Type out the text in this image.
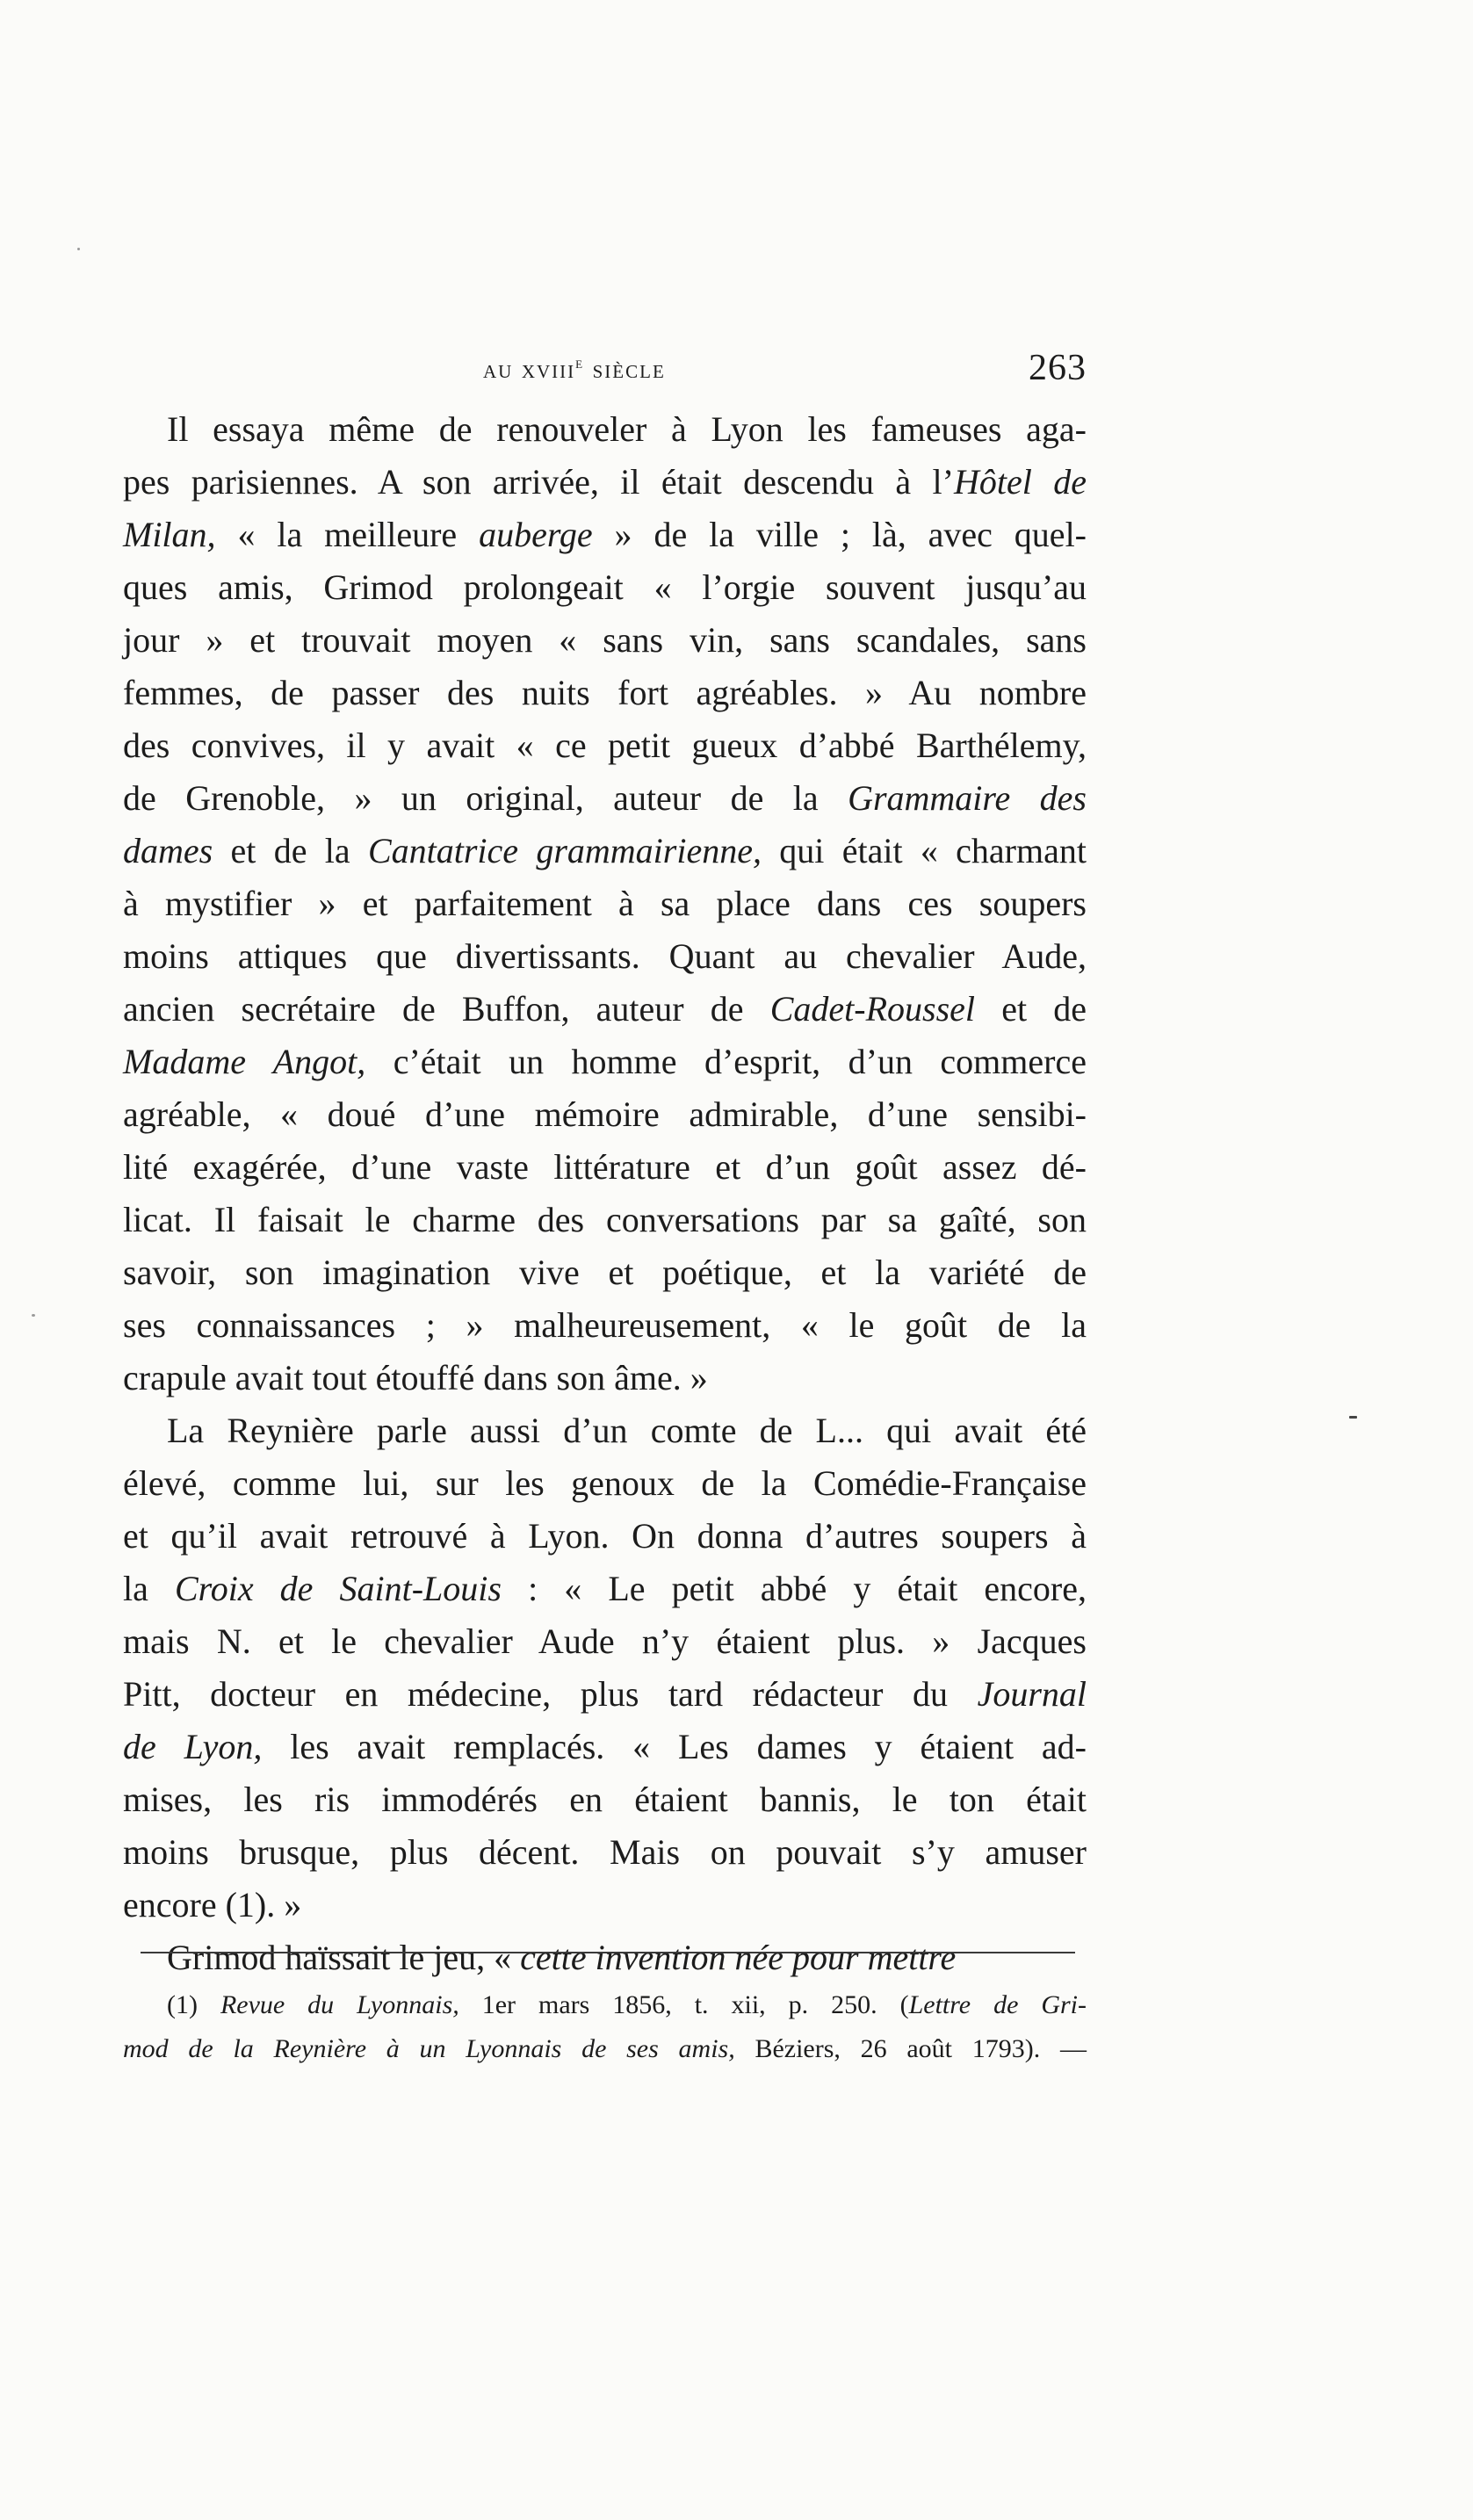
au xviii$^e$ siècle	263
Il essaya même de renouveler à Lyon les fameuses aga-
pes parisiennes. A son arrivée, il était descendu à l’Hôtel de
Milan, « la meilleure auberge » de la ville ; là, avec quel-
ques amis, Grimod prolongeait « l’orgie souvent jusqu’au
jour » et trouvait moyen « sans vin, sans scandales, sans
femmes, de passer des nuits fort agréables. » Au nombre
des convives, il y avait « ce petit gueux d’abbé Barthélemy,
de Grenoble, » un original, auteur de la Grammaire des
dames et de la Cantatrice grammairienne, qui était « charmant
à mystifier » et parfaitement à sa place dans ces soupers
moins attiques que divertissants. Quant au chevalier Aude,
ancien secrétaire de Buffon, auteur de Cadet-Roussel et de
Madame Angot, c’était un homme d’esprit, d’un commerce
agréable, « doué d’une mémoire admirable, d’une sensibi-
lité exagérée, d’une vaste littérature et d’un goût assez dé-
licat. Il faisait le charme des conversations par sa gaîté, son
savoir, son imagination vive et poétique, et la variété de
ses connaissances ; » malheureusement, « le goût de la
crapule avait tout étouffé dans son âme. »
La Reynière parle aussi d’un comte de L... qui avait été
élevé, comme lui, sur les genoux de la Comédie-Française
et qu’il avait retrouvé à Lyon. On donna d’autres soupers à
la Croix de Saint-Louis : « Le petit abbé y était encore,
mais N. et le chevalier Aude n’y étaient plus. » Jacques
Pitt, docteur en médecine, plus tard rédacteur du Journal
de Lyon, les avait remplacés. « Les dames y étaient ad-
mises, les ris immodérés en étaient bannis, le ton était
moins brusque, plus décent. Mais on pouvait s’y amuser
encore (1). »
Grimod haïssait le jeu, « cette invention née pour mettre
(1) Revue du Lyonnais, 1er mars 1856, t. xii, p. 250. (Lettre de Gri-
mod de la Reynière à un Lyonnais de ses amis, Béziers, 26 août 1793). —
